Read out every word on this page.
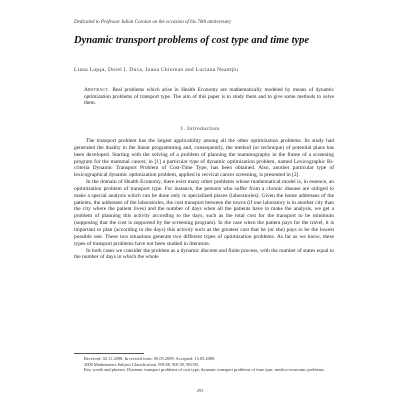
Dedicated to Professor Iulian Coroian on the occasion of his 70th anniversary
Dynamic transport problems of cost type and time type
Liana Lupşa, Dorel I. Duca, Ioana Chiorean and Luciana Neamţiu
Abstract. Real problems which arise in Health Economy are mathematically modeled by means of dynamic optimization problems of transport type. The aim of this paper is to study them and to give some methods to solve them.
1. Introduction

The transport problem has the largest applicability among all the other optimization problems. Its study had generated the duality in the linear programming and, consequently, the method (or technique) of potential plans has been developed. Starting with the solving of a problem of planning the mammography in the frame of a screening program for the mammal cancer, in [1] a particular type of dynamic optimization problem, named Lexicographic Bi-criteria Dynamic Transport Problem of Cost-Time Type, has been obtained. Also, another particular type of lexicographical dynamic optimization problem, applied in cervical cancer screening, is presented in [2].

In the domain of Health Economy, there exist many other problems whose mathematical model is, in essence, an optimization problem of transport type. For instance, the persons who suffer from a chronic disease are obliged to make a special analysis which can be done only in specialized places (laboratories). Given the home addresses of the patients, the addresses of the laboratories, the cost transport between the towns (if one laboratory is in another city than the city where the patient lives) and the number of days when all the patients have to make the analysis, we get a problem of planning this activity according to the days, such as the total cost for the transport to be minimum (supposing that the cost is supported by the screening program). In the case when the patient pays for the travel, it is important to plan (according to the days) this activity such as the greatest cost that he (or she) pays to be the lowest possible one. These two situations generate two different types of optimization problems. As far as we know, these types of transport problems have not been studied in literature.

In both cases we consider the problem as a dynamic discrete and finite process, with the number of states equal to the number of days in which the whole

Received: 02.11.2008. In revised form: 05.05.2009. Accepted: 13.05.2009.
2000 Mathematics Subject Classification. 90C08, 90C39, 90C90.
Key words and phrases. Dynamic transport problems of cost type, dynamic transport problems of time type, medico-economic problems.
493
